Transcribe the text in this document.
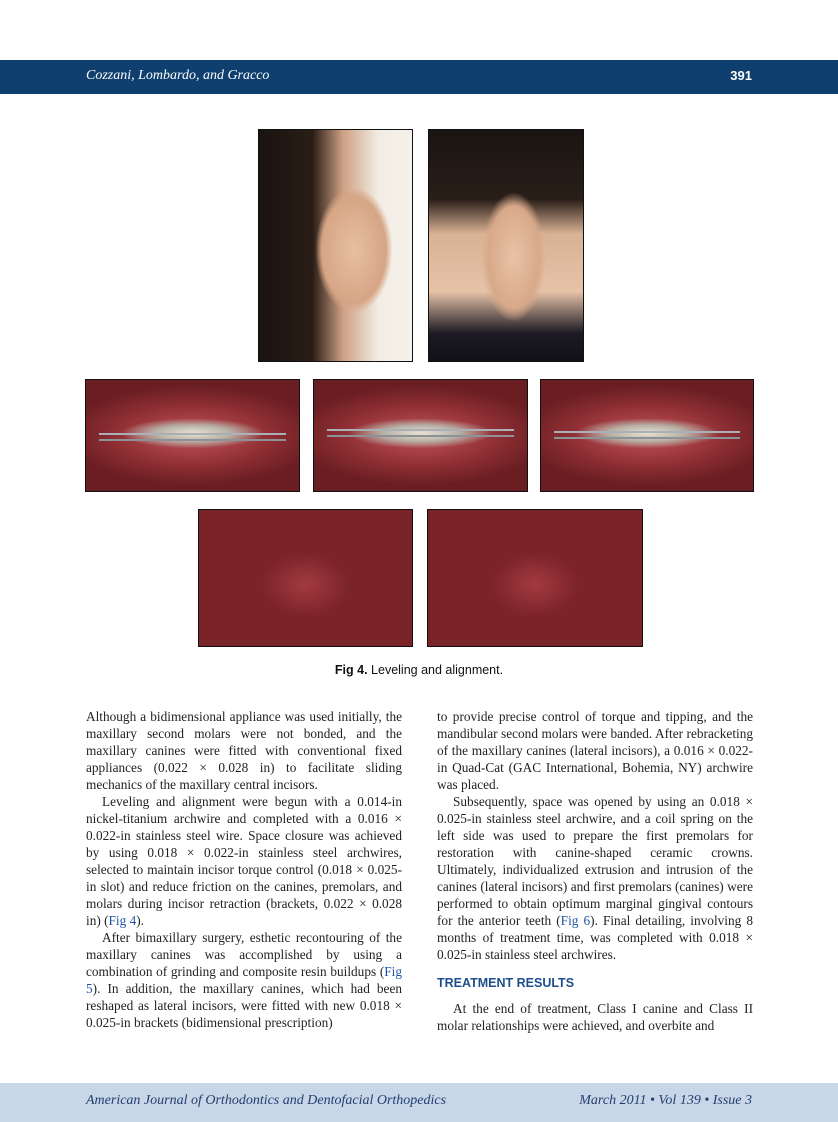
Cozzani, Lombardo, and Gracco	391
Fig 4. Leveling and alignment.

Although a bidimensional appliance was used initially, the maxillary second molars were not bonded, and the maxillary canines were fitted with conventional fixed appliances (0.022 × 0.028 in) to facilitate sliding mechanics of the maxillary central incisors.

Leveling and alignment were begun with a 0.014-in nickel-titanium archwire and completed with a 0.016 × 0.022-in stainless steel wire. Space closure was achieved by using 0.018 × 0.022-in stainless steel archwires, selected to maintain incisor torque control (0.018 × 0.025-in slot) and reduce friction on the canines, premolars, and molars during incisor retraction (brackets, 0.022 × 0.028 in) (Fig 4).

After bimaxillary surgery, esthetic recontouring of the maxillary canines was accomplished by using a combination of grinding and composite resin buildups (Fig 5). In addition, the maxillary canines, which had been reshaped as lateral incisors, were fitted with new 0.018 × 0.025-in brackets (bidimensional prescription)

to provide precise control of torque and tipping, and the mandibular second molars were banded. After rebracketing of the maxillary canines (lateral incisors), a 0.016 × 0.022-in Quad-Cat (GAC International, Bohemia, NY) archwire was placed.

Subsequently, space was opened by using an 0.018 × 0.025-in stainless steel archwire, and a coil spring on the left side was used to prepare the first premolars for restoration with canine-shaped ceramic crowns. Ultimately, individualized extrusion and intrusion of the canines (lateral incisors) and first premolars (canines) were performed to obtain optimum marginal gingival contours for the anterior teeth (Fig 6). Final detailing, involving 8 months of treatment time, was completed with 0.018 × 0.025-in stainless steel archwires.

TREATMENT RESULTS

At the end of treatment, Class I canine and Class II molar relationships were achieved, and overbite and

American Journal of Orthodontics and Dentofacial Orthopedics	March 2011 • Vol 139 • Issue 3
